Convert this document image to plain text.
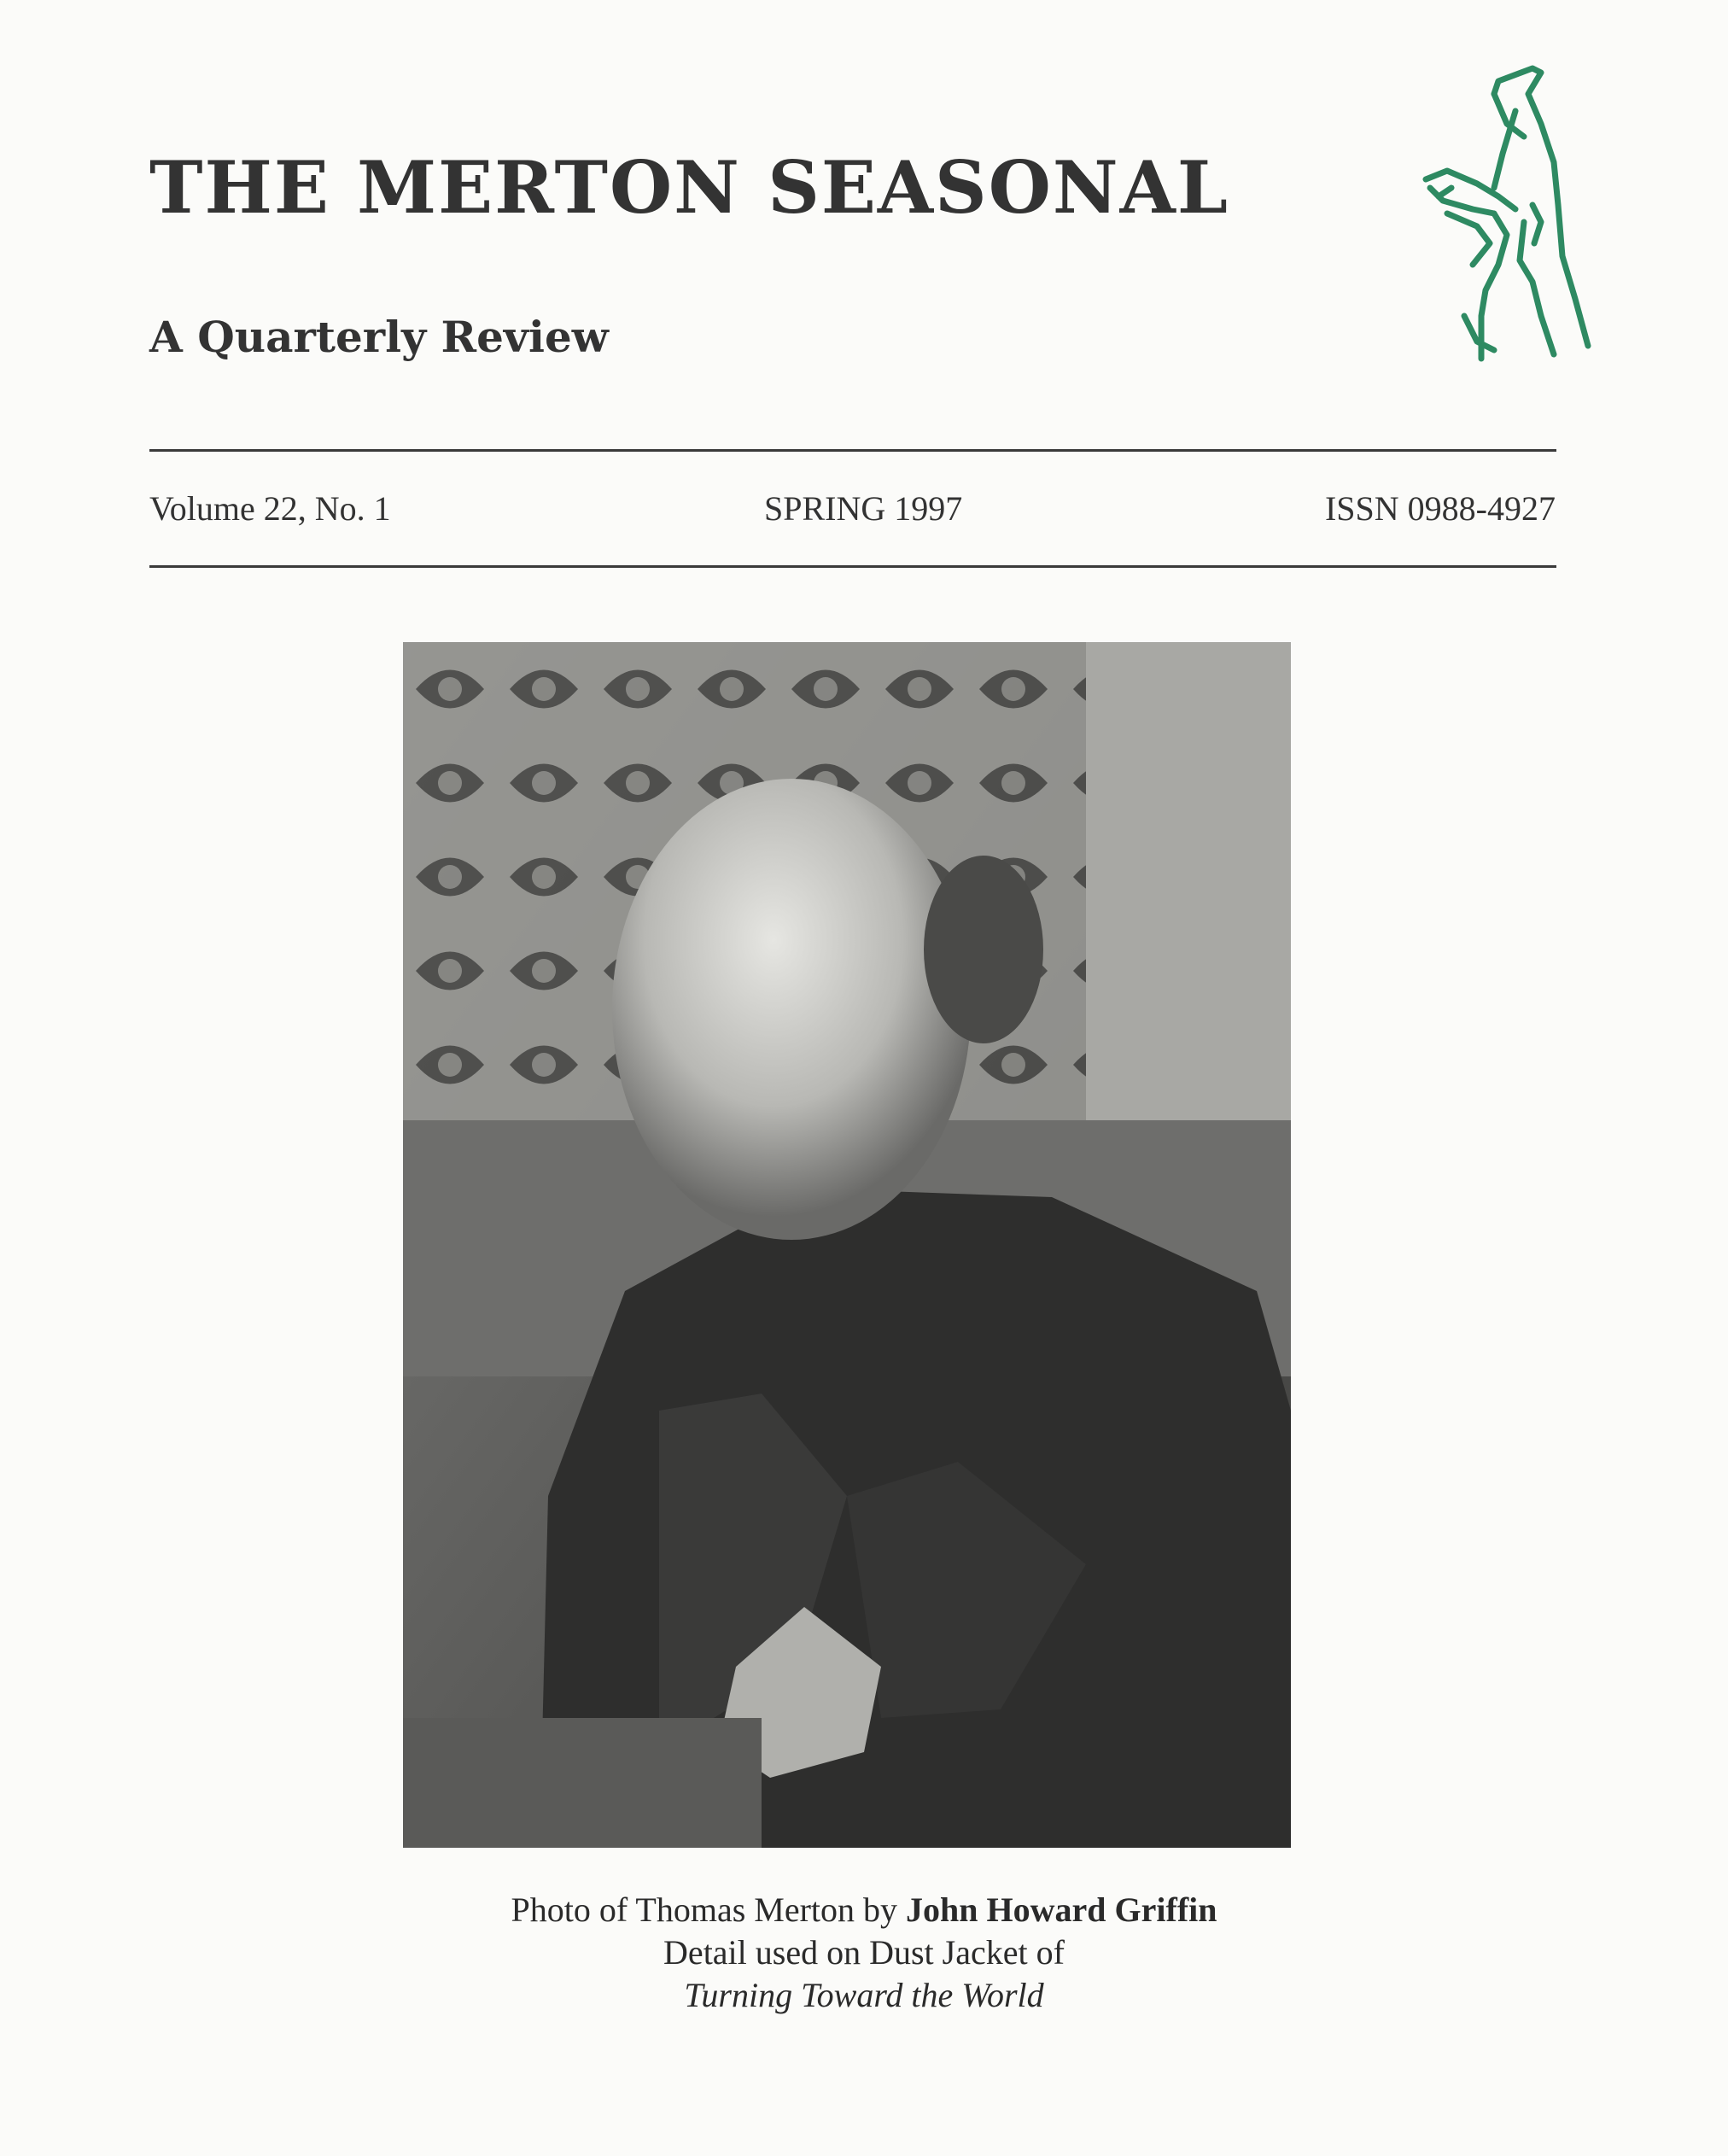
THE MERTON SEASONAL
A Quarterly Review
Volume 22, No. 1	SPRING 1997	ISSN 0988-4927
Photo of Thomas Merton by John Howard Griffin
Detail used on Dust Jacket of
Turning Toward the World
